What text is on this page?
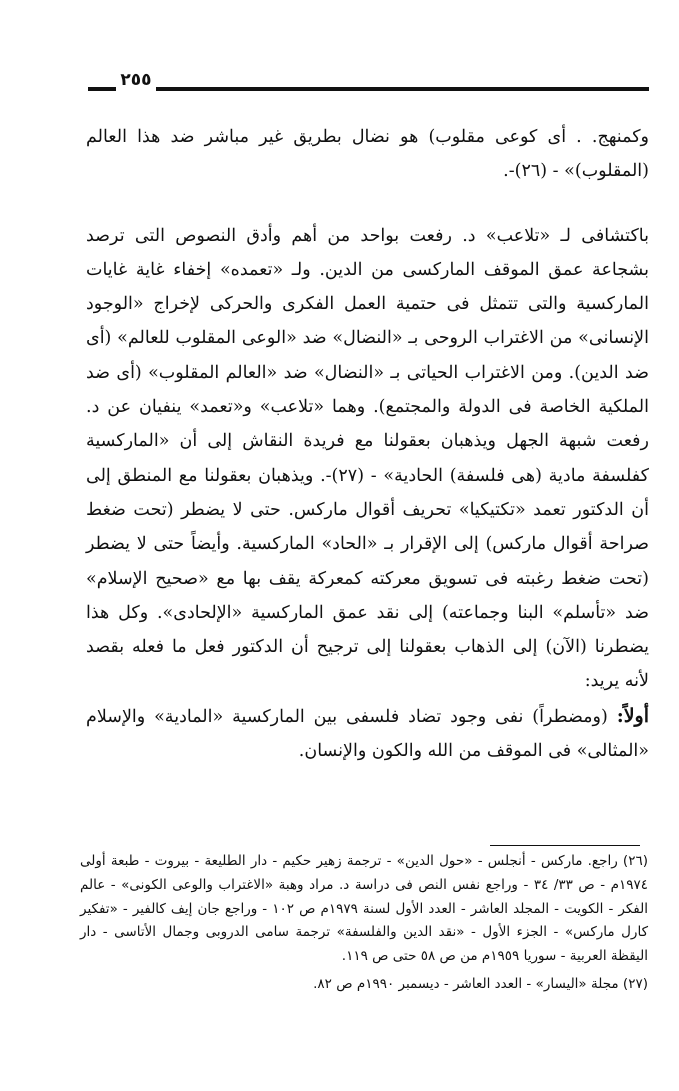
٢٥٥

وكمنهج. . أى كوعى مقلوب) هو نضال بطريق غير مباشر ضد هذا العالم (المقلوب)» - (٢٦)-.

باكتشافى لـ «تلاعب» د. رفعت بواحد من أهم وأدق النصوص التى ترصد بشجاعة عمق الموقف الماركسى من الدين. ولـ «تعمده» إخفاء غاية غايات الماركسية والتى تتمثل فى حتمية العمل الفكرى والحركى لإخراج «الوجود الإنسانى» من الاغتراب الروحى بـ «النضال» ضد «الوعى المقلوب للعالم» (أى ضد الدين). ومن الاغتراب الحياتى بـ «النضال» ضد «العالم المقلوب» (أى ضد الملكية الخاصة فى الدولة والمجتمع). وهما «تلاعب» و«تعمد» ينفيان عن د. رفعت شبهة الجهل ويذهبان بعقولنا مع فريدة النقاش إلى أن «الماركسية كفلسفة مادية (هى فلسفة) الحادية» - (٢٧)-. ويذهبان بعقولنا مع المنطق إلى أن الدكتور تعمد «تكتيكيا» تحريف أقوال ماركس. حتى لا يضطر (تحت ضغط صراحة أقوال ماركس) إلى الإقرار بـ «الحاد» الماركسية. وأيضاً حتى لا يضطر (تحت ضغط رغبته فى تسويق معركته كمعركة يقف بها مع «صحيح الإسلام» ضد «تأسلم» البنا وجماعته) إلى نقد عمق الماركسية «الإلحادى». وكل هذا يضطرنا (الآن) إلى الذهاب بعقولنا إلى ترجيح أن الدكتور فعل ما فعله بقصد لأنه يريد:

أولاً: (ومضطراً) نفى وجود تضاد فلسفى بين الماركسية «المادية» والإسلام «المثالى» فى الموقف من الله والكون والإنسان.

(٢٦) راجع. ماركس - أنجلس - «حول الدين» - ترجمة زهير حكيم - دار الطليعة - بيروت - طبعة أولى ١٩٧٤م - ص ٣٣/ ٣٤ - وراجع نفس النص فى دراسة د. مراد وهبة «الاغتراب والوعى الكونى» - عالم الفكر - الكويت - المجلد العاشر - العدد الأول لسنة ١٩٧٩م ص ١٠٢ - وراجع جان إيف كالفير - «تفكير كارل ماركس» - الجزء الأول - «نقد الدين والفلسفة» ترجمة سامى الدروبى وجمال الأتاسى - دار اليقظة العربية - سوريا ١٩٥٩م من ص ٥٨ حتى ص ١١٩.

(٢٧) مجلة «اليسار» - العدد العاشر - ديسمبر ١٩٩٠م ص ٨٢.
